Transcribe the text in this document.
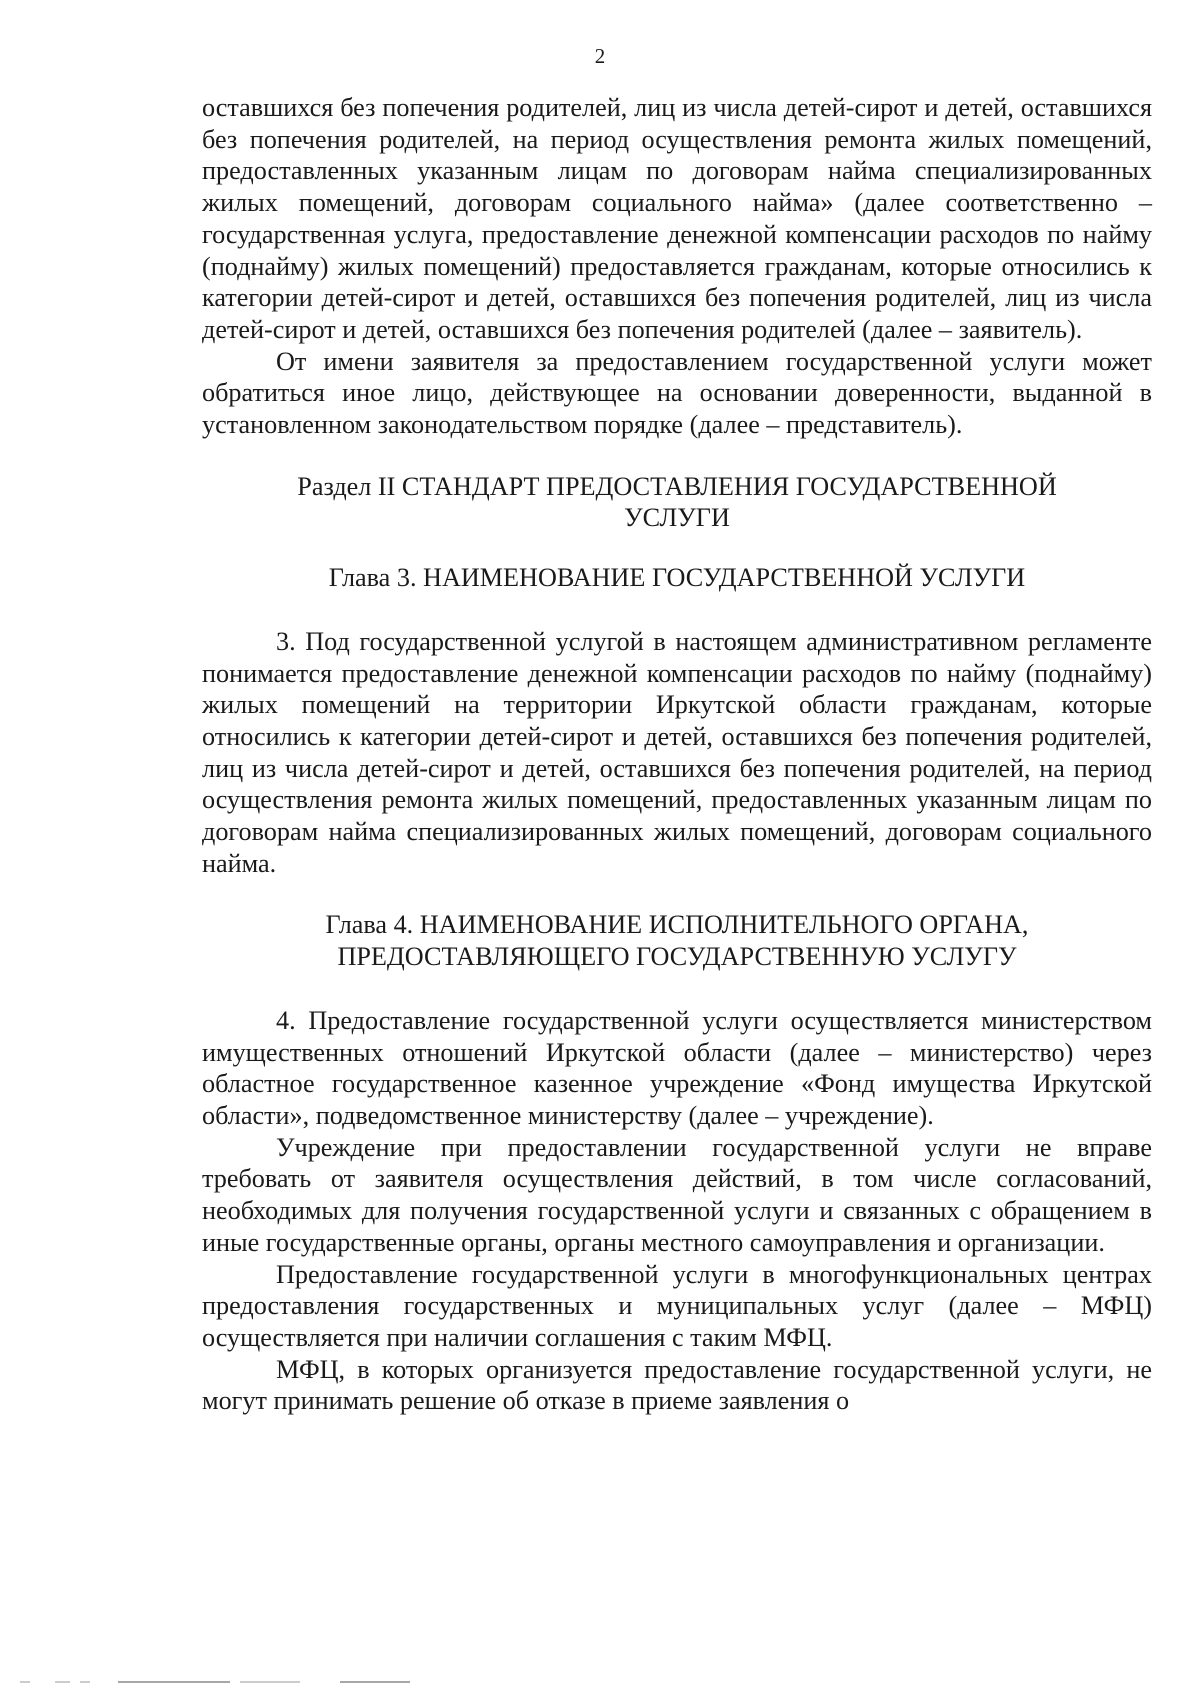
2

оставшихся без попечения родителей, лиц из числа детей-сирот и детей, оставшихся без попечения родителей, на период осуществления ремонта жилых помещений, предоставленных указанным лицам по договорам найма специализированных жилых помещений, договорам социального найма» (далее соответственно – государственная услуга, предоставление денежной компенсации расходов по найму (поднайму) жилых помещений) предоставляется гражданам, которые относились к категории детей-сирот и детей, оставшихся без попечения родителей, лиц из числа детей-сирот и детей, оставшихся без попечения родителей (далее – заявитель).

От имени заявителя за предоставлением государственной услуги может обратиться иное лицо, действующее на основании доверенности, выданной в установленном законодательством порядке (далее – представитель).

Раздел II СТАНДАРТ ПРЕДОСТАВЛЕНИЯ ГОСУДАРСТВЕННОЙ УСЛУГИ
Глава 3. НАИМЕНОВАНИЕ ГОСУДАРСТВЕННОЙ УСЛУГИ

3. Под государственной услугой в настоящем административном регламенте понимается предоставление денежной компенсации расходов по найму (поднайму) жилых помещений на территории Иркутской области гражданам, которые относились к категории детей-сирот и детей, оставшихся без попечения родителей, лиц из числа детей-сирот и детей, оставшихся без попечения родителей, на период осуществления ремонта жилых помещений, предоставленных указанным лицам по договорам найма специализированных жилых помещений, договорам социального найма.

Глава 4. НАИМЕНОВАНИЕ ИСПОЛНИТЕЛЬНОГО ОРГАНА, ПРЕДОСТАВЛЯЮЩЕГО ГОСУДАРСТВЕННУЮ УСЛУГУ

4. Предоставление государственной услуги осуществляется министерством имущественных отношений Иркутской области (далее – министерство) через областное государственное казенное учреждение «Фонд имущества Иркутской области», подведомственное министерству (далее – учреждение).

Учреждение при предоставлении государственной услуги не вправе требовать от заявителя осуществления действий, в том числе согласований, необходимых для получения государственной услуги и связанных с обращением в иные государственные органы, органы местного самоуправления и организации.

Предоставление государственной услуги в многофункциональных центрах предоставления государственных и муниципальных услуг (далее – МФЦ) осуществляется при наличии соглашения с таким МФЦ.

МФЦ, в которых организуется предоставление государственной услуги, не могут принимать решение об отказе в приеме заявления о
